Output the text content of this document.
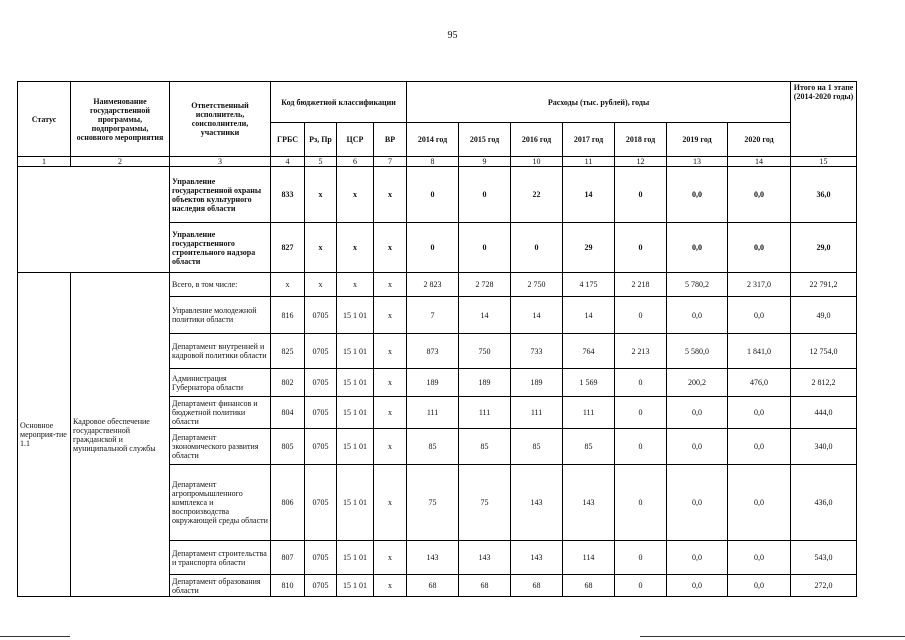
95
Статус	Наименование государственной программы, подпрограммы, основного мероприятия	Ответственный исполнитель, соисполнители, участники	Код бюджетной классификации				Расходы (тыс. рублей), годы							Итого на 1 этапе (2014-2020 годы)
			ГРБС	Рз, Пр	ЦСР	ВР	2014 год	2015 год	2016 год	2017 год	2018 год	2019 год	2020 год	
1	2	3	4	5	6	7	8	9	10	11	12	13	14	15
		Управление государственной охраны объектов культурного наследия области	833	x	x	x	0	0	22	14	0	0,0	0,0	36,0
		Управление государственного строительного надзора области	827	x	x	x	0	0	0	29	0	0,0	0,0	29,0
Основное мероприя-тие 1.1	Кадровое обеспечение государственной гражданской и муниципальной службы	Всего, в том числе:	x	x	x	x	2 823	2 728	2 750	4 175	2 218	5 780,2	2 317,0	22 791,2
		Управление молодежной политики области	816	0705	15 1 01	x	7	14	14	14	0	0,0	0,0	49,0
		Департамент внутренней и кадровой политики области	825	0705	15 1 01	x	873	750	733	764	2 213	5 580,0	1 841,0	12 754,0
		Администрация Губернатора области	802	0705	15 1 01	x	189	189	189	1 569	0	200,2	476,0	2 812,2
		Департамент финансов и бюджетной политики области	804	0705	15 1 01	x	111	111	111	111	0	0,0	0,0	444,0
		Департамент экономического развития области	805	0705	15 1 01	x	85	85	85	85	0	0,0	0,0	340,0
		Департамент агропромышленного комплекса и воспроизводства окружающей среды области	806	0705	15 1 01	x	75	75	143	143	0	0,0	0,0	436,0
		Департамент строительства и транспорта области	807	0705	15 1 01	x	143	143	143	114	0	0,0	0,0	543,0
		Департамент образования области	810	0705	15 1 01	x	68	68	68	68	0	0,0	0,0	272,0
